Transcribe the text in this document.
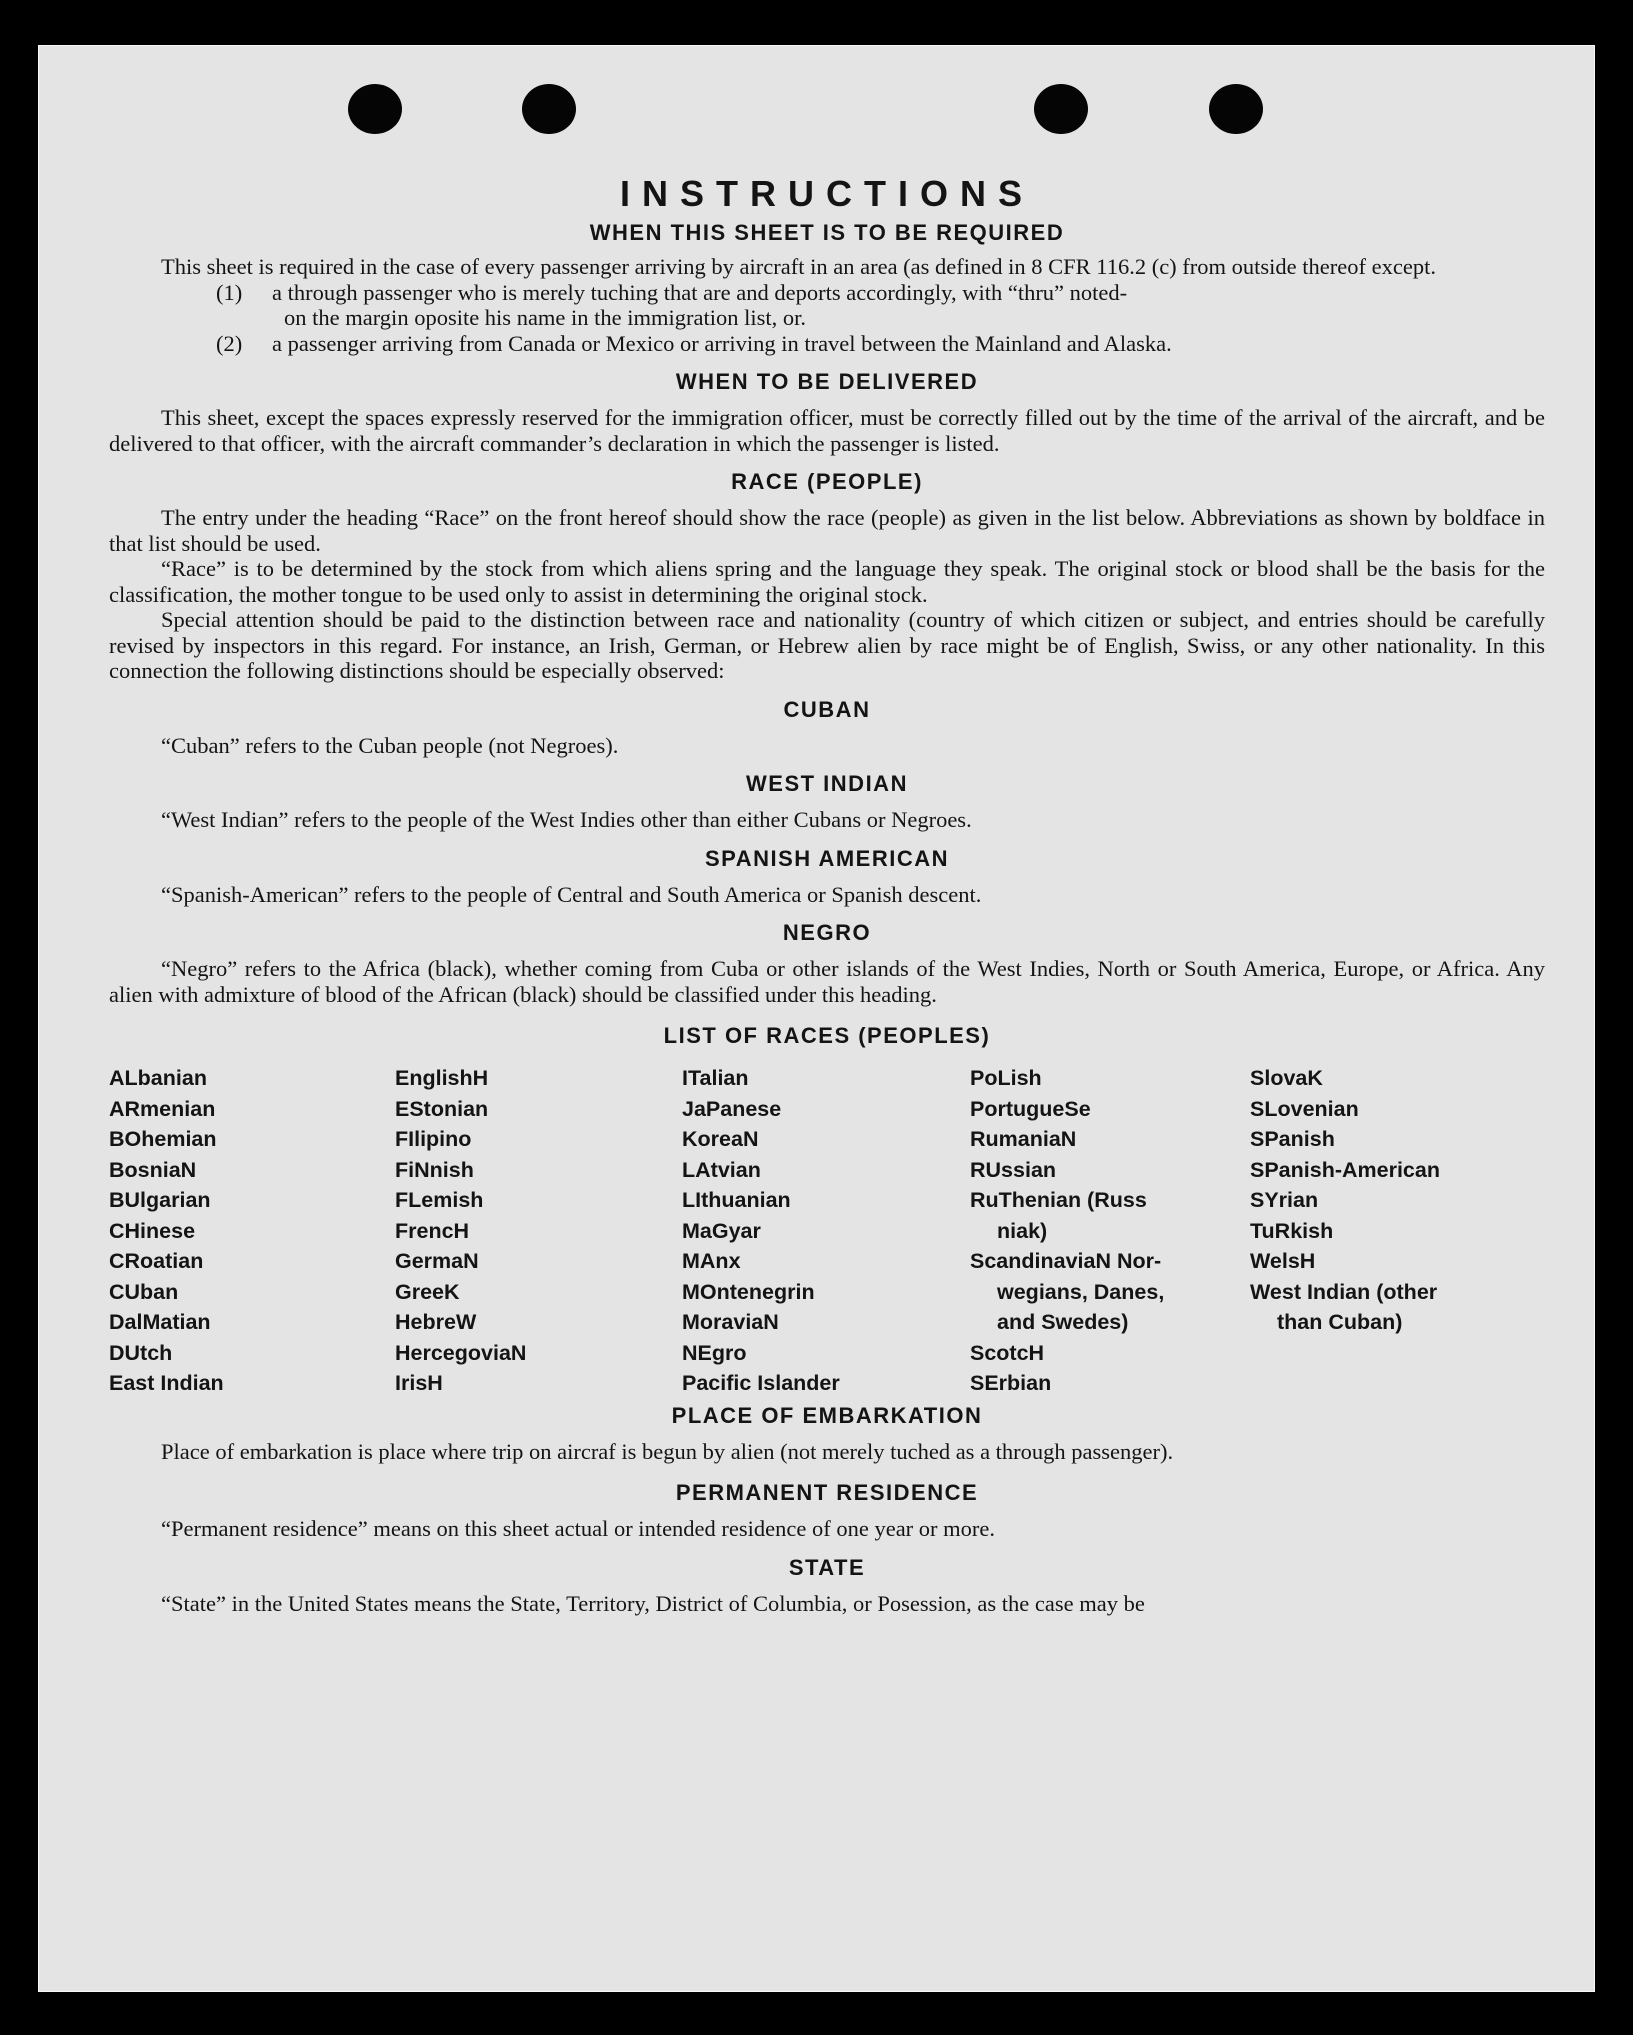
INSTRUCTIONS
WHEN THIS SHEET IS TO BE REQUIRED

This sheet is required in the case of every passenger arriving by aircraft in an area (as defined in 8 CFR 116.2 (c) from outside thereof except.

(1)	a through passenger who is merely tuching that are and deports accordingly, with “thru” noted-
on the margin oposite his name in the immigration list, or.
(2)	a passenger arriving from Canada or Mexico or arriving in travel between the Mainland and Alaska.
WHEN TO BE DELIVERED

This sheet, except the spaces expressly reserved for the immigration officer, must be correctly filled out by the time of the arrival of the aircraft, and be delivered to that officer, with the aircraft commander’s declaration in which the passenger is listed.

RACE (PEOPLE)

The entry under the heading “Race” on the front hereof should show the race (people) as given in the list below. Abbreviations as shown by boldface in that list should be used.

“Race” is to be determined by the stock from which aliens spring and the language they speak. The original stock or blood shall be the basis for the classification, the mother tongue to be used only to assist in determining the original stock.

Special attention should be paid to the distinction between race and nationality (country of which citizen or subject, and entries should be carefully revised by inspectors in this regard. For instance, an Irish, German, or Hebrew alien by race might be of English, Swiss, or any other nationality. In this connection the following distinctions should be especially observed:

CUBAN

“Cuban” refers to the Cuban people (not Negroes).

WEST INDIAN

“West Indian” refers to the people of the West Indies other than either Cubans or Negroes.

SPANISH AMERICAN

“Spanish-American” refers to the people of Central and South America or Spanish descent.

NEGRO

“Negro” refers to the Africa (black), whether coming from Cuba or other islands of the West Indies, North or South America, Europe, or Africa. Any alien with admixture of blood of the African (black) should be classified under this heading.

LIST OF RACES (PEOPLES)
ALbanian
ARmenian
BOhemian
BosniaN
BUlgarian
CHinese
CRoatian
CUban
DalMatian
DUtch
East Indian
EnglishH
EStonian
FIlipino
FiNnish
FLemish
FrencH
GermaN
GreeK
HebreW
HercegoviaN
IrisH
ITalian
JaPanese
KoreaN
LAtvian
LIthuanian
MaGyar
MAnx
MOntenegrin
MoraviaN
NEgro
Pacific Islander
PoLish
PortugueSe
RumaniaN
RUssian
RuThenian (Russ
niak)
ScandinaviaN Nor-
wegians, Danes,
and Swedes)
ScotcH
SErbian
SlovaK
SLovenian
SPanish
SPanish-American
SYrian
TuRkish
WelsH
West Indian (other
than Cuban)
PLACE OF EMBARKATION

Place of embarkation is place where trip on aircraf is begun by alien (not merely tuched as a through passenger).

PERMANENT RESIDENCE

“Permanent residence” means on this sheet actual or intended residence of one year or more.

STATE

“State” in the United States means the State, Territory, District of Columbia, or Posession, as the case may be
